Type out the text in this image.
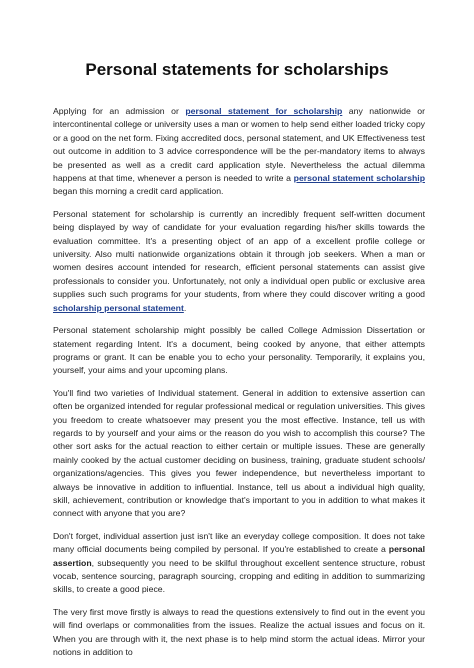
Personal statements for scholarships

Applying for an admission or personal statement for scholarship any nationwide or intercontinental college or university uses a man or women to help send either loaded tricky copy or a good on the net form. Fixing accredited docs, personal statement, and UK Effectiveness test out outcome in addition to 3 advice correspondence will be the per-mandatory items to always be presented as well as a credit card application style. Nevertheless the actual dilemma happens at that time, whenever a person is needed to write a personal statement scholarship began this morning a credit card application.

Personal statement for scholarship is currently an incredibly frequent self-written document being displayed by way of candidate for your evaluation regarding his/her skills towards the evaluation committee. It's a presenting object of an app of a excellent profile college or university. Also multi nationwide organizations obtain it through job seekers. When a man or women desires account intended for research, efficient personal statements can assist give professionals to consider you. Unfortunately, not only a individual open public or exclusive area supplies such such programs for your students, from where they could discover writing a good scholarship personal statement.

Personal statement scholarship might possibly be called College Admission Dissertation or statement regarding Intent. It's a document, being cooked by anyone, that either attempts programs or grant. It can be enable you to echo your personality. Temporarily, it explains you, yourself, your aims and your upcoming plans.

You'll find two varieties of Individual statement. General in addition to extensive assertion can often be organized intended for regular professional medical or regulation universities. This gives you freedom to create whatsoever may present you the most effective. Instance, tell us with regards to by yourself and your aims or the reason do you wish to accomplish this course? The other sort asks for the actual reaction to either certain or multiple issues. These are generally mainly cooked by the actual customer deciding on business, training, graduate student schools/ organizations/agencies. This gives you fewer independence, but nevertheless important to always be innovative in addition to influential. Instance, tell us about a individual high quality, skill, achievement, contribution or knowledge that's important to you in addition to what makes it connect with anyone that you are?

Don't forget, individual assertion just isn't like an everyday college composition. It does not take many official documents being compiled by personal. If you're established to create a personal assertion, subsequently you need to be skilful throughout excellent sentence structure, robust vocab, sentence sourcing, paragraph sourcing, cropping and editing in addition to summarizing skills, to create a good piece.

The very first move firstly is always to read the questions extensively to find out in the event you will find overlaps or commonalities from the issues. Realize the actual issues and focus on it. When you are through with it, the next phase is to help mind storm the actual ideas. Mirror your notions in addition to
